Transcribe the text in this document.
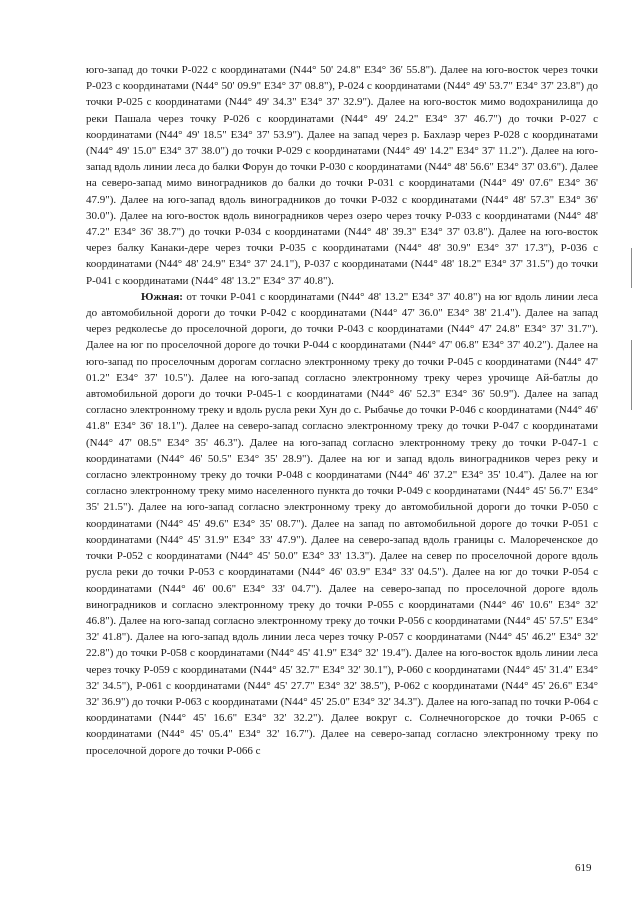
юго-запад до точки Р-022 с координатами (N44° 50' 24.8" E34° 36' 55.8"). Далее на юго-восток через точки Р-023 с координатами (N44° 50' 09.9" E34° 37' 08.8"), Р-024 с координатами (N44° 49' 53.7" E34° 37' 23.8") до точки Р-025 с координатами (N44° 49' 34.3" E34° 37' 32.9"). Далее на юго-восток мимо водохранилища до реки Пашала через точку Р-026 с координатами (N44° 49' 24.2" E34° 37' 46.7") до точки Р-027 с координатами (N44° 49' 18.5" E34° 37' 53.9"). Далее на запад через р. Бахлаэр через Р-028 с координатами (N44° 49' 15.0" E34° 37' 38.0") до точки Р-029 с координатами (N44° 49' 14.2" E34° 37' 11.2"). Далее на юго-запад вдоль линии леса до балки Форун до точки Р-030 с координатами (N44° 48' 56.6" E34° 37' 03.6"). Далее на северо-запад мимо виноградников до балки до точки Р-031 с координатами (N44° 49' 07.6" E34° 36' 47.9"). Далее на юго-запад вдоль виноградников до точки Р-032 с координатами (N44° 48' 57.3" E34° 36' 30.0"). Далее на юго-восток вдоль виноградников через озеро через точку Р-033 с координатами (N44° 48' 47.2" E34° 36' 38.7") до точки Р-034 с координатами (N44° 48' 39.3" E34° 37' 03.8"). Далее на юго-восток через балку Канаки-дере через точки Р-035 с координатами (N44° 48' 30.9" E34° 37' 17.3"), Р-036 с координатами (N44° 48' 24.9" E34° 37' 24.1"), Р-037 с координатами (N44° 48' 18.2" E34° 37' 31.5") до точки Р-041 с координатами (N44° 48' 13.2" E34° 37' 40.8").

Южная: от точки Р-041 с координатами (N44° 48' 13.2" E34° 37' 40.8") на юг вдоль линии леса до автомобильной дороги до точки Р-042 с координатами (N44° 47' 36.0" E34° 38' 21.4"). Далее на запад через редколесье до проселочной дороги, до точки Р-043 с координатами (N44° 47' 24.8" E34° 37' 31.7"). Далее на юг по проселочной дороге до точки Р-044 с координатами (N44° 47' 06.8" E34° 37' 40.2"). Далее на юго-запад по проселочным дорогам согласно электронному треку до точки Р-045 с координатами (N44° 47' 01.2" E34° 37' 10.5"). Далее на юго-запад согласно электронному треку через урочище Ай-батлы до автомобильной дороги до точки Р-045-1 с координатами (N44° 46' 52.3" E34° 36' 50.9"). Далее на запад согласно электронному треку и вдоль русла реки Хун до с. Рыбачье до точки Р-046 с координатами (N44° 46' 41.8" E34° 36' 18.1"). Далее на северо-запад согласно электронному треку до точки Р-047 с координатами (N44° 47' 08.5" E34° 35' 46.3"). Далее на юго-запад согласно электронному треку до точки Р-047-1 с координатами (N44° 46' 50.5" E34° 35' 28.9"). Далее на юг и запад вдоль виноградников через реку и согласно электронному треку до точки Р-048 с координатами (N44° 46' 37.2" E34° 35' 10.4"). Далее на юг согласно электронному треку мимо населенного пункта до точки Р-049 с координатами (N44° 45' 56.7" E34° 35' 21.5"). Далее на юго-запад согласно электронному треку до автомобильной дороги до точки Р-050 с координатами (N44° 45' 49.6" E34° 35' 08.7"). Далее на запад по автомобильной дороге до точки Р-051 с координатами (N44° 45' 31.9" E34° 33' 47.9"). Далее на северо-запад вдоль границы с. Малореченское до точки Р-052 с координатами (N44° 45' 50.0" E34° 33' 13.3"). Далее на север по проселочной дороге вдоль русла реки до точки Р-053 с координатами (N44° 46' 03.9" E34° 33' 04.5"). Далее на юг до точки Р-054 с координатами (N44° 46' 00.6" E34° 33' 04.7"). Далее на северо-запад по проселочной дороге вдоль виноградников и согласно электронному треку до точки Р-055 с координатами (N44° 46' 10.6" E34° 32' 46.8"). Далее на юго-запад согласно электронному треку до точки Р-056 с координатами (N44° 45' 57.5" E34° 32' 41.8"). Далее на юго-запад вдоль линии леса через точку Р-057 с координатами (N44° 45' 46.2" E34° 32' 22.8") до точки Р-058 с координатами (N44° 45' 41.9" E34° 32' 19.4"). Далее на юго-восток вдоль линии леса через точку Р-059 с координатами (N44° 45' 32.7" E34° 32' 30.1"), Р-060 с координатами (N44° 45' 31.4" E34° 32' 34.5"), Р-061 с координатами (N44° 45' 27.7" E34° 32' 38.5"), Р-062 с координатами (N44° 45' 26.6" E34° 32' 36.9") до точки Р-063 с координатами (N44° 45' 25.0" E34° 32' 34.3"). Далее на юго-запад по точки Р-064 с координатами (N44° 45' 16.6" E34° 32' 32.2"). Далее вокруг с. Солнечногорское до точки Р-065 с координатами (N44° 45' 05.4" E34° 32' 16.7"). Далее на северо-запад согласно электронному треку по проселочной дороге до точки Р-066 с

619
